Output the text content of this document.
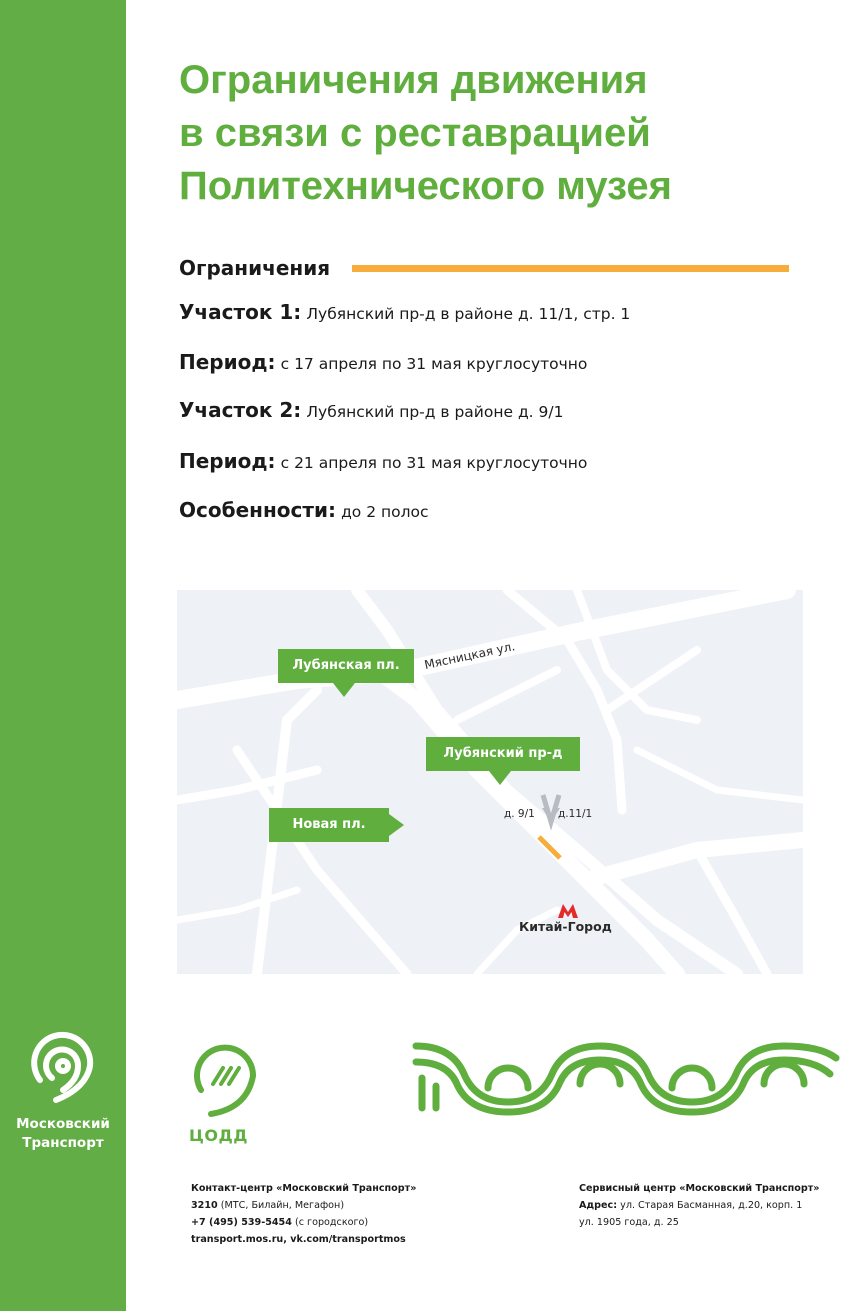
Московский
Транспорт
Ограничения движения
в связи с реставрацией
Политехнического музея
Ограничения
Участок 1: Лубянский пр-д в районе д. 11/1, стр. 1
Период: с 17 апреля по 31 мая круглосуточно
Участок 2: Лубянский пр-д в районе д. 9/1
Период: с 21 апреля по 31 мая круглосуточно
Особенности: до 2 полос
Лубянская пл.
Лубянский пр-д
Новая пл.
Мясницкая ул.
д. 9/1 д.11/1
Китай-Город
ЦОДД
Контакт-центр «Московский Транспорт»
3210 (МТС, Билайн, Мегафон)
+7 (495) 539-5454 (с городского)
transport.mos.ru, vk.com/transportmos
Сервисный центр «Московский Транспорт»
Адрес: ул. Старая Басманная, д.20, корп. 1
ул. 1905 года, д. 25
